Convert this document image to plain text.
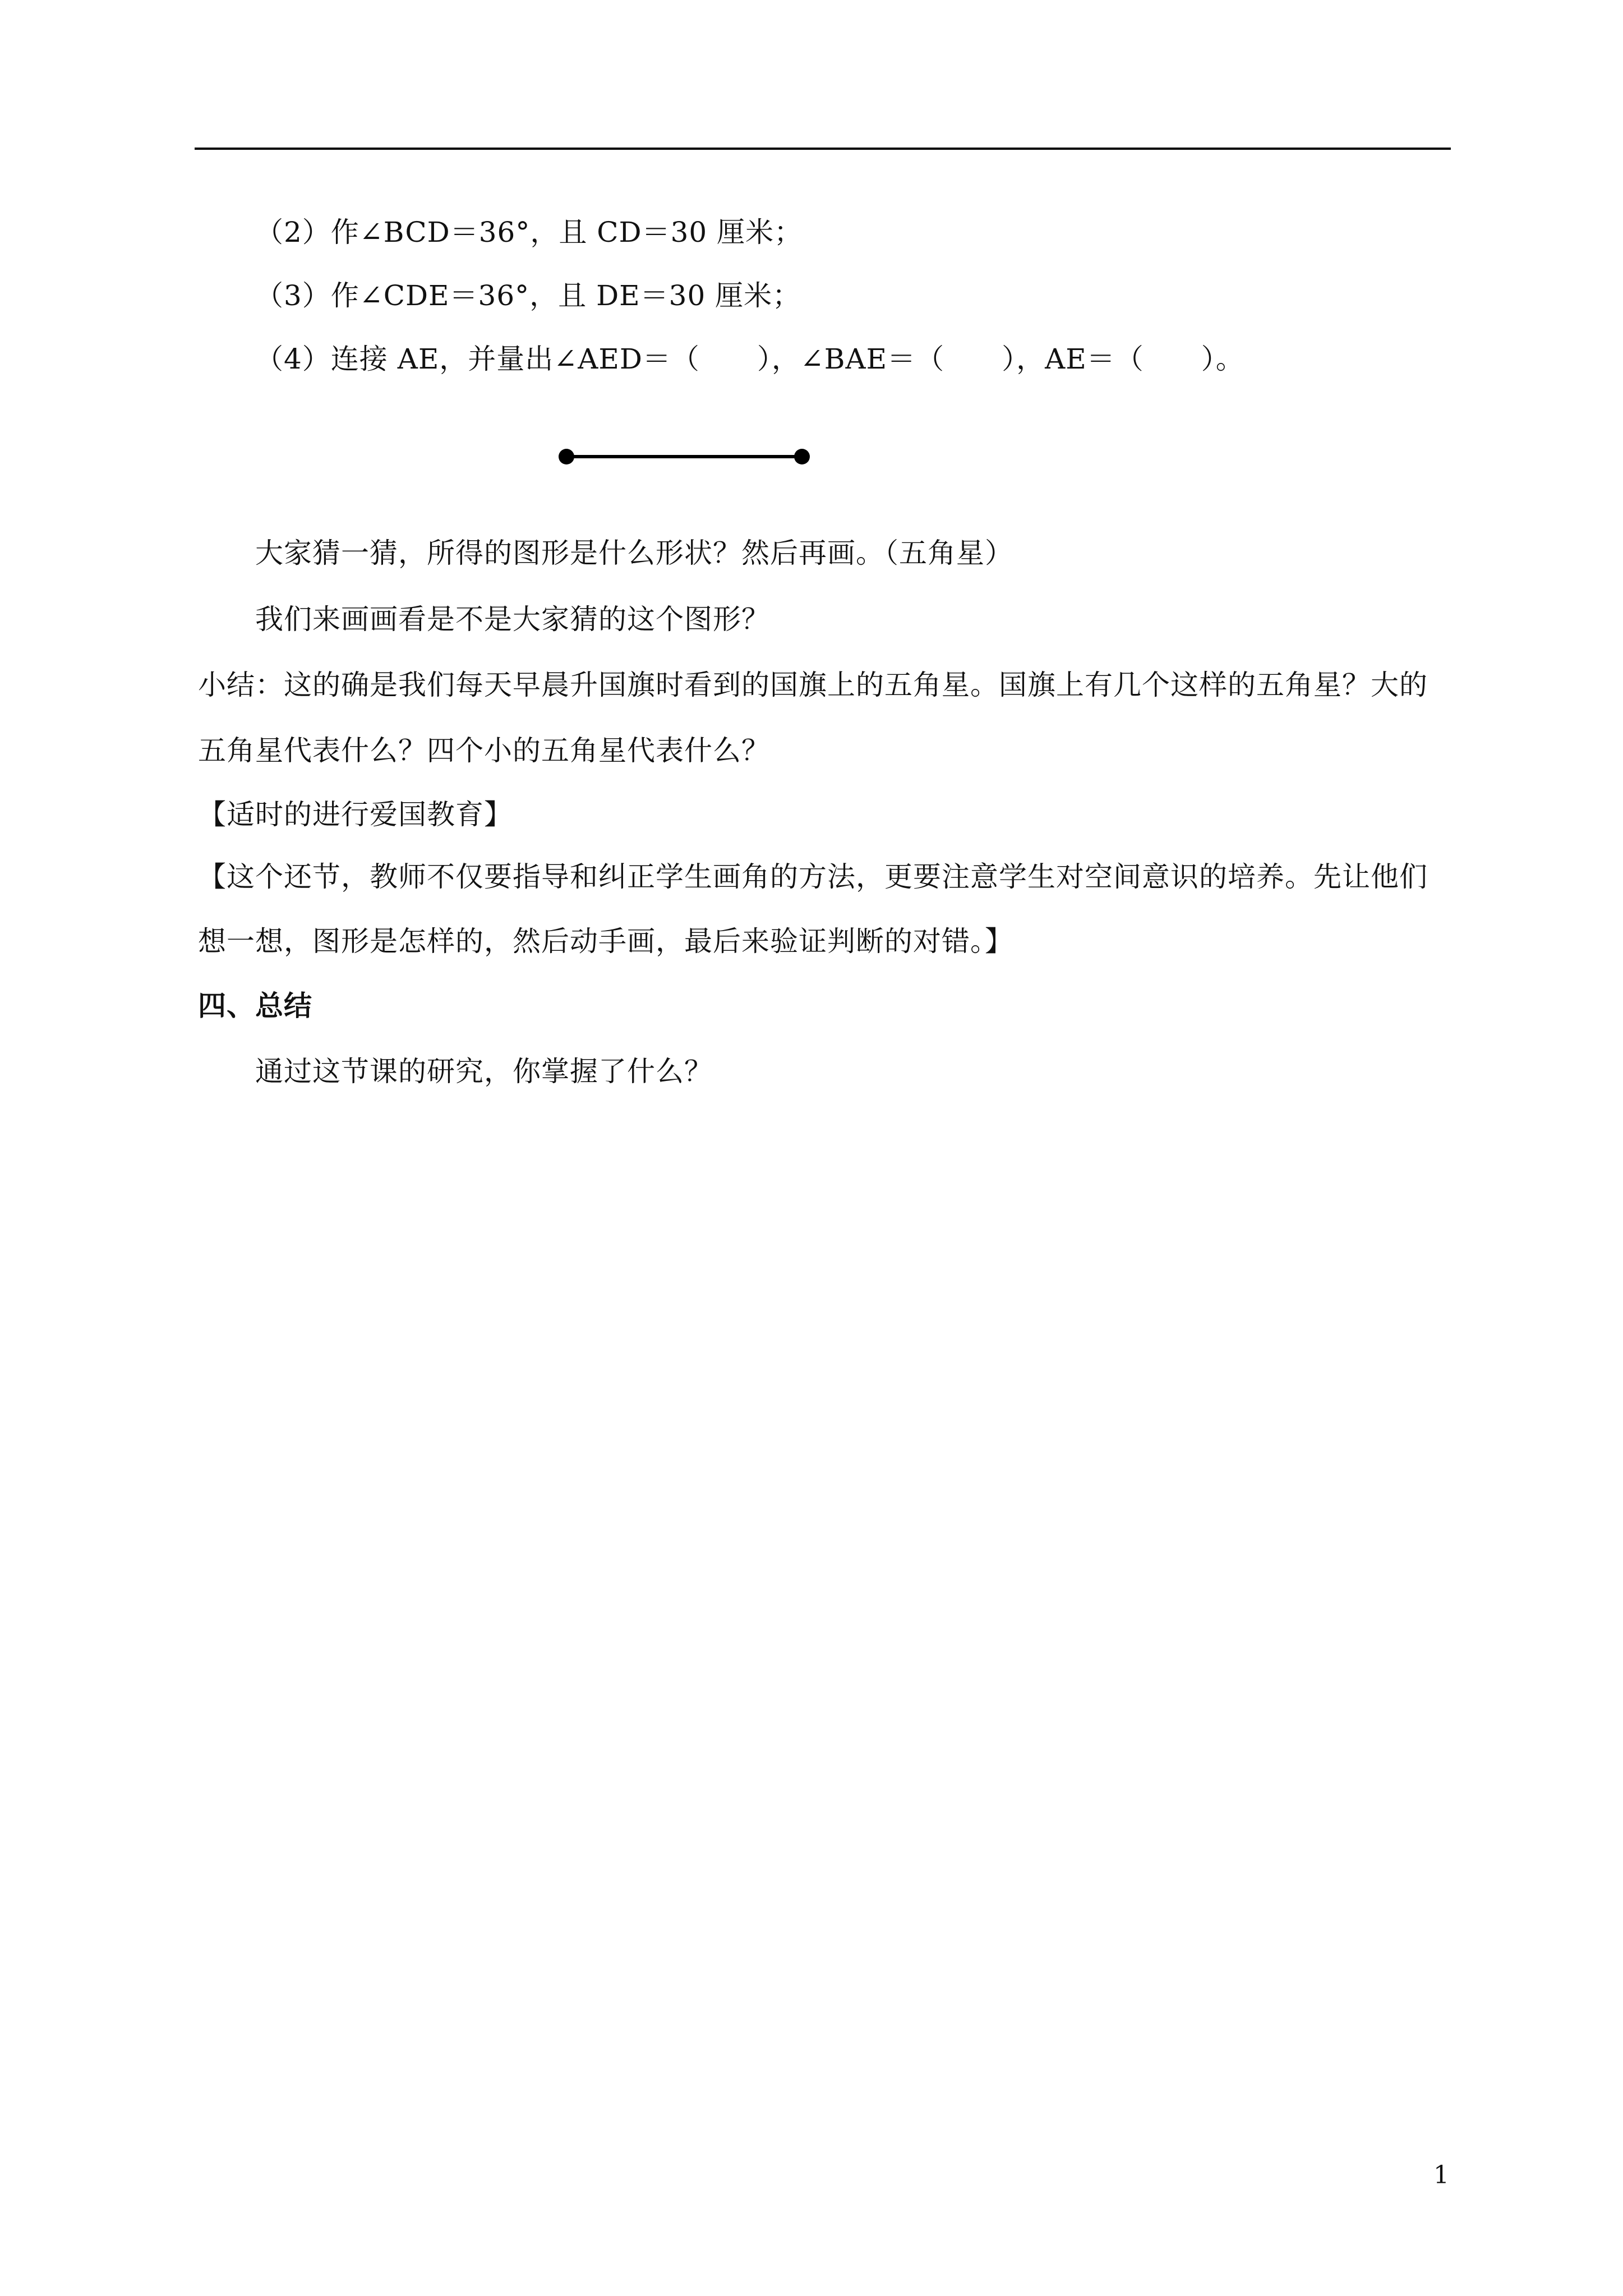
（2）作∠BCD＝36°，且 CD＝30 厘米；
（3）作∠CDE＝36°，且 DE＝30 厘米；
（4）连接 AE，并量出∠AED＝（　　），∠BAE＝（　　），AE＝（　　）。
大家猜一猜，所得的图形是什么形状？然后再画。（五角星）
我们来画画看是不是大家猜的这个图形？
小结：这的确是我们每天早晨升国旗时看到的国旗上的五角星。国旗上有几个这样的五角星？大的
五角星代表什么？四个小的五角星代表什么？
【适时的进行爱国教育】
【这个还节，教师不仅要指导和纠正学生画角的方法，更要注意学生对空间意识的培养。先让他们
想一想，图形是怎样的，然后动手画，最后来验证判断的对错。】
四、总结
通过这节课的研究，你掌握了什么？
1
